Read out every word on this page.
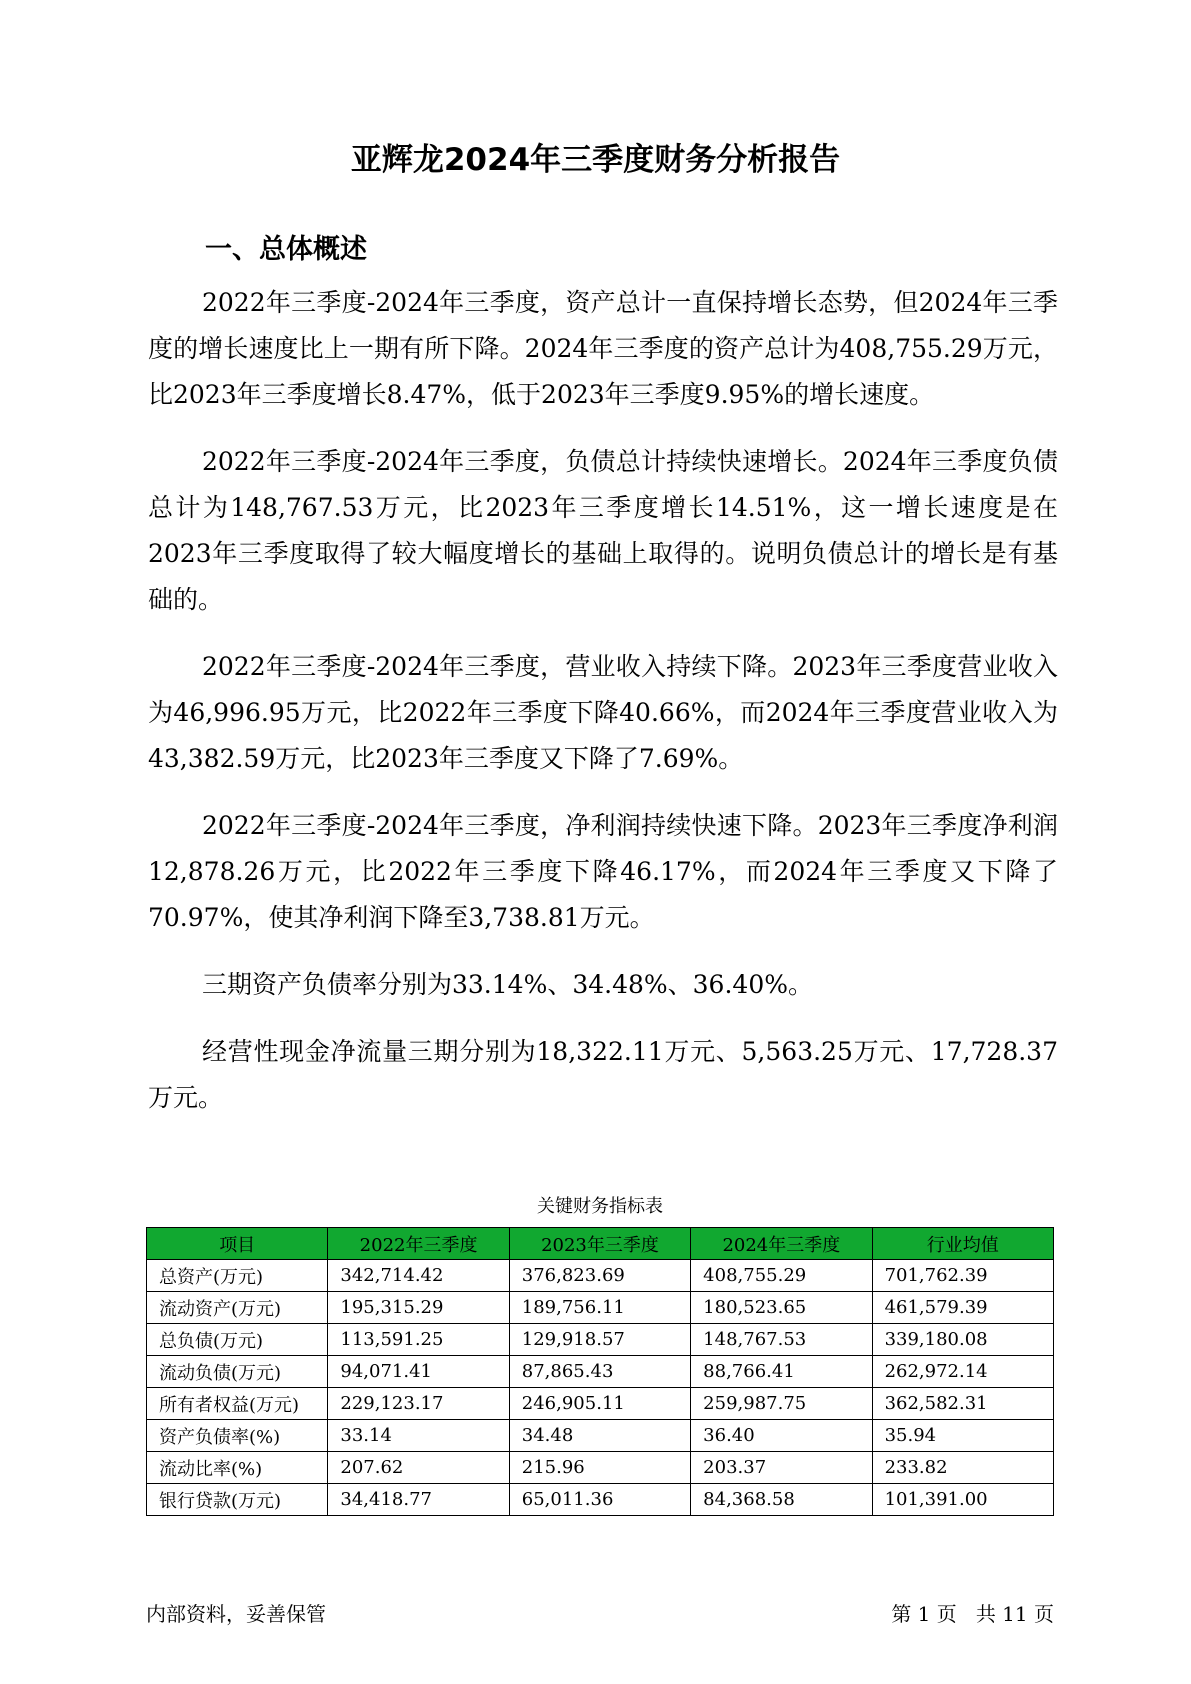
亚辉龙2024年三季度财务分析报告
一、总体概述

2022年三季度-2024年三季度，资产总计一直保持增长态势，但2024年三季度的增长速度比上一期有所下降。2024年三季度的资产总计为408,755.29万元，比2023年三季度增长8.47%，低于2023年三季度9.95%的增长速度。

2022年三季度-2024年三季度，负债总计持续快速增长。2024年三季度负债总计为148,767.53万元，比2023年三季度增长14.51%，这一增长速度是在2023年三季度取得了较大幅度增长的基础上取得的。说明负债总计的增长是有基础的。

2022年三季度-2024年三季度，营业收入持续下降。2023年三季度营业收入为46,996.95万元，比2022年三季度下降40.66%，而2024年三季度营业收入为43,382.59万元，比2023年三季度又下降了7.69%。

2022年三季度-2024年三季度，净利润持续快速下降。2023年三季度净利润12,878.26万元，比2022年三季度下降46.17%，而2024年三季度又下降了70.97%，使其净利润下降至3,738.81万元。

三期资产负债率分别为33.14%、34.48%、36.40%。

经营性现金净流量三期分别为18,322.11万元、5,563.25万元、17,728.37万元。

关键财务指标表
项目	2022年三季度	2023年三季度	2024年三季度	行业均值
总资产(万元)	342,714.42	376,823.69	408,755.29	701,762.39
流动资产(万元)	195,315.29	189,756.11	180,523.65	461,579.39
总负债(万元)	113,591.25	129,918.57	148,767.53	339,180.08
流动负债(万元)	94,071.41	87,865.43	88,766.41	262,972.14
所有者权益(万元)	229,123.17	246,905.11	259,987.75	362,582.31
资产负债率(%)	33.14	34.48	36.40	35.94
流动比率(%)	207.62	215.96	203.37	233.82
银行贷款(万元)	34,418.77	65,011.36	84,368.58	101,391.00
内部资料，妥善保管	第 1 页   共 11 页
